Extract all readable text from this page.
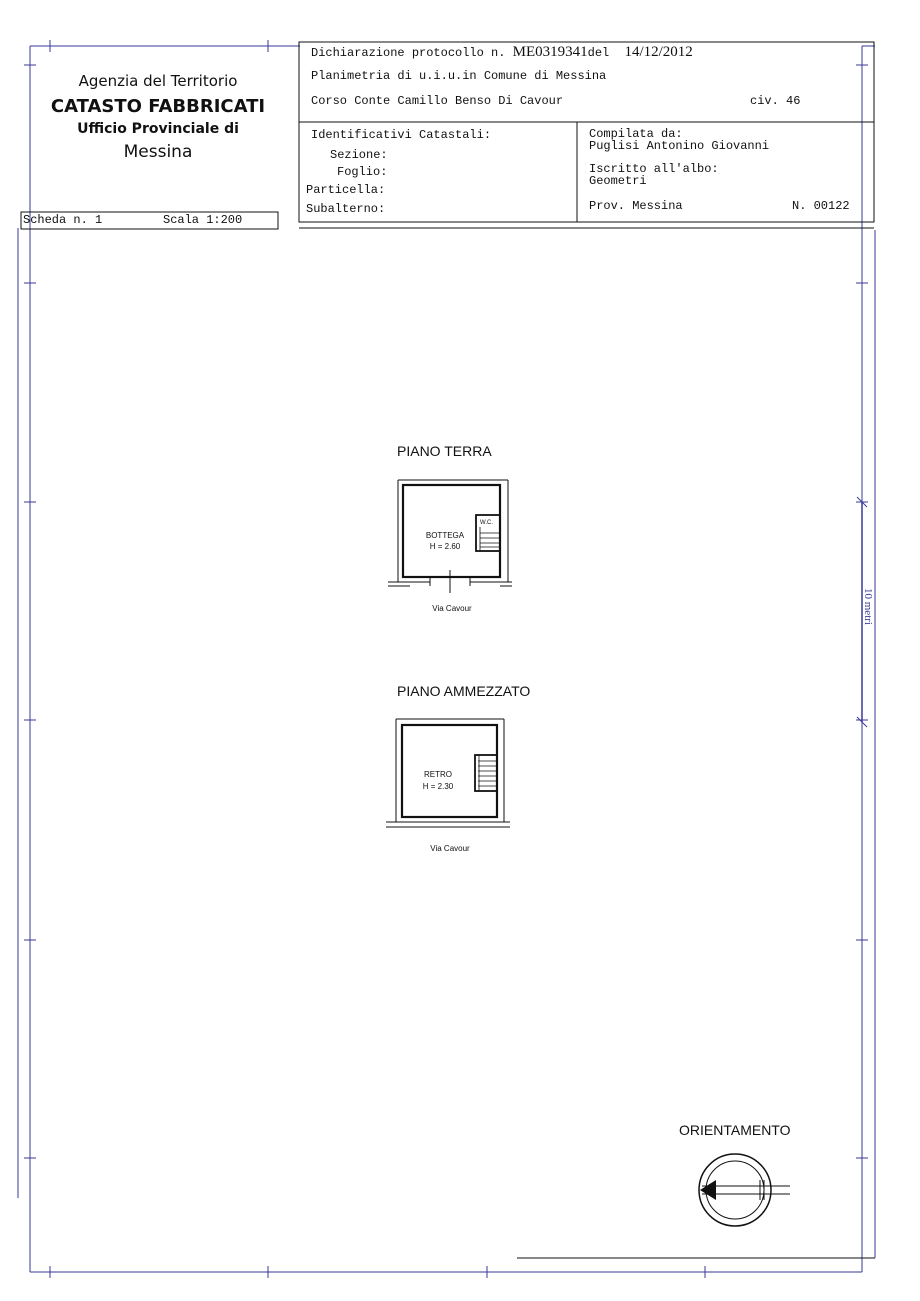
Agenzia del Territorio
CATASTO FABBRICATI
Ufficio Provinciale di
Messina
Scheda n. 1	Scala 1:200
Dichiarazione protocollo n. ME0319341del 14/12/2012
Planimetria di u.i.u.in Comune di Messina
Corso Conte Camillo Benso Di Cavour	civ. 46
Identificativi Catastali:
Sezione:
Foglio:
Particella:
Subalterno:
Compilata da:
Puglisi Antonino Giovanni
Iscritto all'albo:
Geometri
Prov. Messina	N. 00122
10 metri
PIANO TERRA
W.C.
BOTTEGA
H = 2.60
Via Cavour
PIANO AMMEZZATO
RETRO
H = 2.30
Via Cavour
ORIENTAMENTO
